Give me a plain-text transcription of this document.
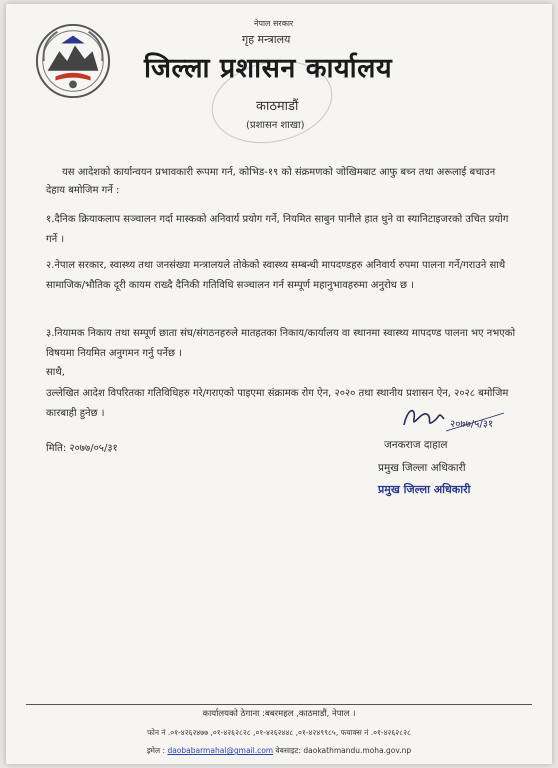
नेपाल सरकार
गृह मन्त्रालय
जिल्ला प्रशासन कार्यालय
काठमाडौं
(प्रशासन शाखा)
यस आदेशको कार्यान्वयन प्रभावकारी रूपमा गर्न, कोभिड-१९ को संक्रमणको जोखिमबाट आफु बच्न तथा अरूलाई बचाउन देहाय बमोजिम गर्ने :
१.दैनिक क्रियाकलाप सञ्चालन गर्दा मास्कको अनिवार्य प्रयोग गर्ने, नियमित साबुन पानीले हात धुने वा स्यानिटाइजरको उचित प्रयोग गर्ने ।
२.नेपाल सरकार, स्वास्थ्य तथा जनसंख्या मन्त्रालयले तोकेको स्वास्थ्य सम्बन्धी मापदण्डहरु अनिवार्य रुपमा पालना गर्ने/गराउने साथै सामाजिक/भौतिक दूरी कायम राख्दै दैनिकी गतिविधि सञ्चालन गर्न सम्पूर्ण महानुभावहरुमा अनुरोध छ ।
३.नियामक निकाय तथा सम्पूर्ण छाता संघ/संगठनहरुले मातहतका निकाय/कार्यालय वा स्थानमा स्वास्थ्य मापदण्ड पालना भए नभएको विषयमा नियमित अनुगमन गर्नु पर्नेछ ।
साथै,
उल्लेखित आदेश विपरितका गतिविधिहरु गरे/गराएको पाइएमा संक्रामक रोग ऐन, २०२० तथा स्थानीय प्रशासन ऐन, २०२८ बमोजिम कारबाही हुनेछ ।
मिति: २०७७/०५/३१
२०७७/५/३१
जनकराज दाहाल
प्रमुख जिल्ला अधिकारी
प्रमुख जिल्ला अधिकारी
कार्यालयको ठेगाना :बबरमहल ,काठमाडौं, नेपाल ।
फोन नं .०१-४२६२४७७ ,०१-४२६२८२८ ,०१-४२६२४४८ ,०१-४२४९९८५, फयाक्स नं .०१-४२६२८२८
इमेल : daobabarmahal@gmail.com वेबसाइट: daokathmandu.moha.gov.np
